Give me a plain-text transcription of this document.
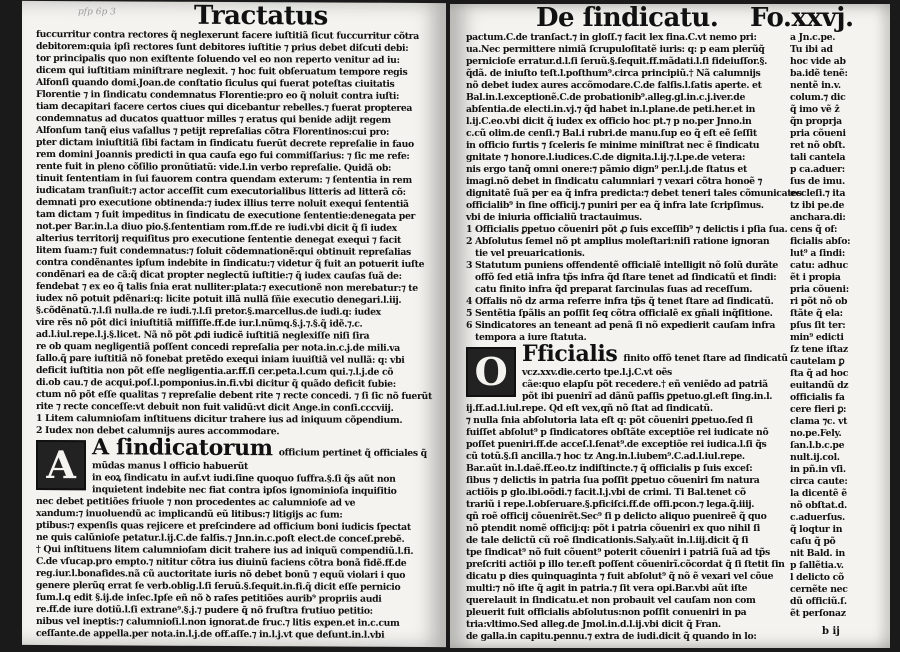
pfp 6p 3	Tractatus
fuccurritur contra rectores q̃ neglexerunt facere iuſtitiã ſicut fuccurritur cõtra
debitorem:quia ipſi rectores ſunt debitores iuſtitie ⁊ prius debet diſcuti debi:
tor principalis quo non exiſtente ſoluendo vel eo non reperto venitur ad iu:
dicem qui iuſtitiam miniſtrare neglexit. ⁊ hoc fuit obſeruatum tempore regis
Alfonſi quando domi.Joan.de conſtatio ſiculus qui fuerat poteſtas ciuitatis
Florentie ⁊ in ſindicatu condemnatus Florentie:pro eo q̃ noluit contra iuſti:
tiam decapitari facere certos ciues qui dicebantur rebelles.⁊ fuerat propterea
condemnatus ad ducatos quattuor milles ⁊ eratus qui benide adijt regem
Alfonſum tanq̃ eius vaſallus ⁊ petijt repreſalias cõtra Florentinos:cui pro:
pter dictam iniuſtitiã ſibi factam in ſindicatu fuerūt decrete repreſalie in fauo
rem domini Joannis predicti in qua cauſa ego fui commiſſarius: ⁊ ſic me refe:
rente fuit in pleno cõſilio pronũtiatũ: vide.l.in verbo repreſalie. Quidã ob:
tinuit ſententiam in ſui fauorem contra quendam exterum: ⁊ ſententia in rem
iudicatam tranſiuit:⁊ actor acceſſit cum executorialibus litteris ad litterã cõ:
demnati pro executione obtinenda:⁊ iudex illius terre noluit exequi ſententiã
tam dictam ⁊ ſuit impeditus in ſindicatu de executione ſententie:denegata per
not.per Bar.in.l.a diuo pio.§.ſententiam rom.ff.de re iudi.vbi dicit q̃ ſi iudex
alterius territorij requiſitus pro executione ſententie denegat exequi ⁊ facit
litem ſuam:⁊ fuit condemnatus:⁊ ſoluit cõdemnationẽ:qui obtinuit repreſalias
contra condẽnantes ipſum indebite in ſindicatu:⁊ videtur q̃ fuit an potuerit iuſte
condẽnari ea de cã:q̃ dicat propter neglectũ iuſtitie:⁊ q̃ iudex cauſas ſuã de:
fendebat ⁊ ex eo q̃ talis ſnia erat nulliter:plata:⁊ executionẽ non merebatur:⁊ te
iudex nõ potuit pdẽnari:q: licite potuit illã nullã ſñie executio denegari.l.iij.
§.cõdẽnatũ.⁊.l.ſi nulla.de re iudi.⁊.l.ſi pretor.§.marcellus.de iudi.q: iudex
vire rẽs nõ põt dici iniuſtitiã miſſiſſe.ff.de iur.l.nũmq.§.j.⁊.§.q̃ idẽ.⁊.c.
ad.l.iul.repe.l.j.§.licet. Nã nõ põt ꝓdi iudicẽ iuſtitiã neglexiſſe niſi ſira
re ob quam negligentiã poſſent concedi repreſalia per nota.in.c.j.de mili.va
ſallo.q̃ pare iuſtitiã nõ fonebat pretẽdo exequi iniam iuuiſtiã vel nullã: q: vbi
deficit iuſtitia non põt eſſe negligentia.ar.ff.ſi cer.peta.l.cum qui.⁊.l.j.de cõ
di.ob cau.⁊ de acqui.poſ.l.pomponius.in.fi.vbi dicitur q̃ quãdo deficit ſubie:
ctum nõ põt eſſe qualitas ⁊ repreſalie debent rite ⁊ recte concedi. ⁊ ſi ſic nõ fuerũt
rite ⁊ recte conceſſe:vt debuit non fuit validũ:vt dicit Ange.in conſi.cccviij.
1 Litem calumnioſam inſtituens dicitur trahere ius ad iniquum cõpendium.
2 Iudex non debet calumnijs aures accommodare.
A A ſindicatorum officium pertinet q̃ officiales q̃
mũdas manus l officio habuerũt
in eoꝝ ſindicatu in auf.vt iudi.ſine quoquo ſuffra.§.ſi q̃s aũt non
inquietent indebite nec fiat contra ipſos ignominioſa inquiſitio
nec debet petitiões friuole ⁊ non procedentes ac calumnioſe ad ve
xandum:⁊ inuoluendũ ac implicandũ eũ litibus:⁊ litigijs ac ſum:
ptibus:⁊ expenſis quas rejicere et preſcindere ad officium boni iudicis ſpectat
ne quis calũnioſe petatur.l.ij.C.de falſis.⁊ Jnn.in.c.poſt elect.de conceſ.prebẽ.
† Qui inſtituens litem calumnioſam dicit trahere ius ad iniquũ compendiũ.l.fi.
C.de vſucap.pro empto.⁊ nititur cõtra ius diuinũ faciens cõtra bonã fidẽ.ff.de
reg.iur.l.bonafides.nã cũ auctoritate iuris nõ debet bonũ ⁊ equũ violari i quo
genere plerũq errat ſe verb.oblig.l.ſi ſeruũ.§.ſequit.in.fi.q̃ dicit eſſe pernicio
ſum.l.q edit §.ij.de inſec.Ipſe eñ nõ ꝺ raſes petitiões aurib⁹ propriis audi
re.ff.de iure dotiũ.l.ſi extrane⁹.§.j.⁊ pudere q̃ nõ fruſtra frutiuo petitio:
nibus vel ineptis:⁊ calumnioſi.l.non ignorat.de fruc.⁊ litis expen.et in.c.cum
ceſſante.de appella.per nota.in.l.j.de off.aſſe.⁊ in.l.j.vt que deſunt.in.l.vbi
De ſindicatu. Fo.xxvj.
pactum.C.de tranſact.⁊ in gloſſ.⁊ facit lex fina.C.vt nemo pri:
ua.Nec permittere nimiã ſcrupuloſitatẽ iuris: q: p eam plerũq̃
pernicioſe erratur.d.l.ſi ſeruũ.§.ſequit.ff.mãdati.l.ſi fideiuſſor.§.
q̃dã. de iniuſto teſt.l.poſthum⁹.circa principiũ.† Nã calumnijs
nõ debet iudex aures accõmodare.C.de falſis.l.ſatis aperte. et
Bal.in.l.exceptionẽ.C.de probationib⁹.alleg.gl.in.c.j.iver.de
abſentia.de electi.in.vj.⁊ q̃d habet in.l.plane.de peti.her.et in
l.ij.C.eo.vbi dicit q̃ iudex ex officio hoc pt.⁊ p no.per Jnno.in
c.cũ olim.de cenſi.⁊ Bal.i rubri.de manu.ſup eo q̃ eſt eẽ ſeſſit
in officio furtis ⁊ ſceleris ſe minime miniſtrat nec ẽ ſindicatu
gnitate ⁊ honore.l.iudices.C.de dignita.l.ij.⁊.l.pe.de vetera:
nis ergo tanq̃ omni onere:⁊ pãmio dign⁹ per.l.j.de ſtatus et
imagi.nõ debet in ſindicatu calumniari ⁊ vexari cõtra honoẽ ⁊
dignitatẽ ſuã per ea q̃ infra predicta:⁊ debet teneri tales cõmunicates
officialib⁹ in ſine officij.⁊ puniri per ea q̃ infra late ſcripſimus.
vbi de iniuria officialiũ tractauimus.
1 Officialis ꝑpetuo cõueniri põt ꝓ ſuis exceſſib⁹ ⁊ delictis i pſia ſua.
2 Abſolutus ſemel nõ pt amplius moleſtari:niſi ratione ignoran
tie vel preuaricationis.
3 Statutum puniens offendentẽ officialẽ intelligit nõ ſolũ durãte
offõ ſed etiã infra tp̃s infra q̃d ſtare tenet ad ſindicatũ et ſindi:
catu finito infra q̃d preparat ſarcinulas ſuas ad receſſum.
4 Offalis nõ dz arma referre infra tp̃s q̃ tenet ſtare ad ſindicatũ.
5 Sentẽtia ſpãlis an poſſit ſeq cõtra officialẽ ex gñali inq̃ſitione.
6 Sindicatores an teneant ad penã ſi nõ expedierit cauſam infra
tempora a iure ſtatuta.
O Fficialis finito offõ tenet ſtare ad ſindicatũ
vcz.xxv.die.certo tpe.l.j.C.vt oẽs
cãe:quo elapſu põt recedere.† eñ veniẽdo ad patriã
põt ibi puenirĩ ad dãnũ paſſis ꝑpetuo.gl.eſt ſing.in.l.
ij.ff.ad.l.iul.repe. Qd eſt vex,qñ nõ ſtat ad ſindicatũ.
⁊ nulla ſnia abſolutoria lata eſt q: põt cõueniri ꝑpetuo.ſed ſi
fuiſſet abſolut⁹ p ſindicatores obſtãte exceptiõe rei iudicate nõ
poſſet pueniri.ff.de acceſ.l.ſenat⁹.de exceptiõe rei iudica.l.ſi q̃s
cũ totũ.§.ſi ancilla.⁊ hoc tz Ang.in.l.iubem⁹.C.ad.l.iul.repe.
Bar.aũt in.l.daẽ.ff.eo.tz indiſtincte.⁊ q̃ officialis p ſuis exceſ:
ſibus ⁊ delictis in patria ſua poſſit ꝑpetuo cõueniri ſm natura
actiõis p glo.ibi.oõdi.⁊ facit.l.j.vbi de crimi. Ti Bal.tenet cõ
trariũ i repe.l.obſeruare.§.pficiſci.ff.de offi.pcon.⁊ lega.q̃.iiij.
qñ roẽ officij cõuenirẽt.Sec⁹ ſi p delicto aliquo puenireẽ q̃ quo
nõ ptendit nomẽ officij:q: põt i patria cõueniri ex quo nihil ſi
de tale delictũ cũ roẽ ſindicationis.Saly.aũt in.l.iij.dicit q̃ ſi
tpe ſindicat⁹ nõ fuit cõuent⁹ poterit cõueniri i patriã ſuã ad tp̃s
preſcriti actiõi p illo ter.eſt poſſent cõuenirĩ.cõcordat q̃ ſi ſtetit ſin
dicatu p dies quinquaginta ⁊ fuit abſolut⁹ q̃ nõ ẽ vexari vel cõue
multi:⁊ nõ iſte q̃ agit in patria.⁊ ſit vera opi.Bar.vbi aũt iſte
querelauit in ſindicatu.et non probauit vel cauſam non com
pleuerit fuit officialis abſolutus:non poſſit conueniri in pa
tria:vltimo.Sed alleg.de Jmol.in.d.l.ij.vbi dicit q̃ Fran.
de galla.in capitu.pennu.⁊ extra de iudi.dicit q̃ quando in lo:
a Jn.c.pe.
Tu ibi ad
hoc vide ab
ba.idẽ tenẽ:
nentẽ in.v.
colum.⁊ dic
q̃ imo vẽ ẑ
q̃n proprja
pria cõueni
ret nõ obſt.
tali cantela
p ca.aduer:
ſus de imu.
eccleſi.⁊ ita
tz ibi pe.de
anchara.di:
cens q̃ of:
ficialis abſo:
lut⁹ a ſindi:
catu: adhuc
ẽt i propia
pria cõueni:
ri põt nõ ob
ſtãte q̃ ela:
pſus ſit ter:
min⁹ edicti
ſz tene iſtaz
cautelam ꝑ
ſta q̃ ad hoc
euitandũ dz
officialis fa
cere fieri ꝑ:
clama ⁊c. vt
no.pe.Fely.
ſan.l.b.c.pe
nult.ij.col.
in pñ.in vſi.
circa caute:
la dicentẽ ẽ
nõ obſtat.d.
c.aduerſus.
q̃ loqtur in
caſu q̃ põ
nit Bald. in
p ſallẽtia.v.
l delicto cõ
cernẽte nec
dũ officiũ.ſ.
ẽt perſonaz
b ij
